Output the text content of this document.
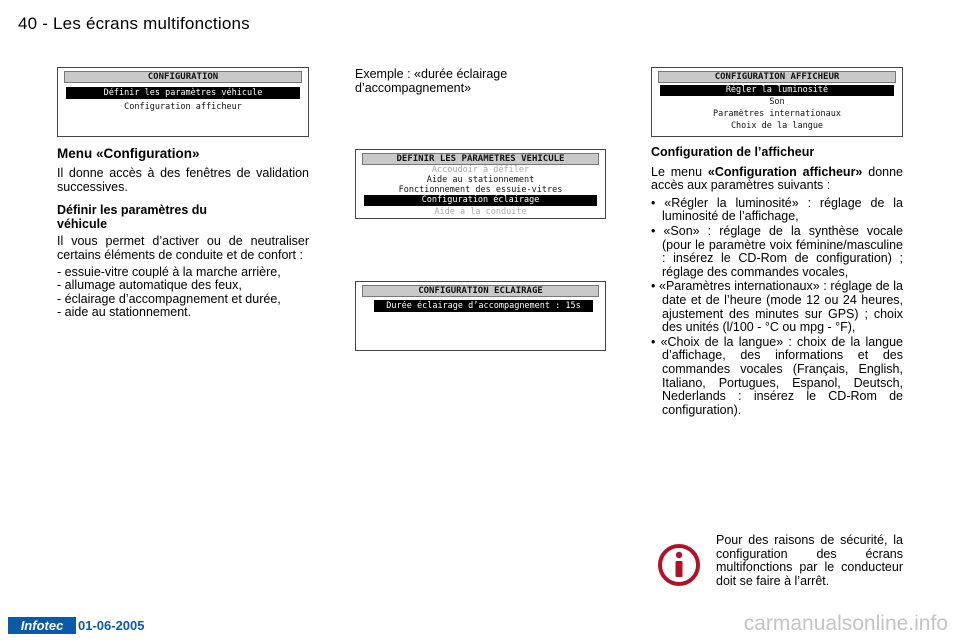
40 - Les écrans multifonctions
CONFIGURATION
Définir les paramètres véhicule
Configuration afficheur
Menu «Configuration»

Il donne accès à des fenêtres de validation successives.

Définir les paramètres du véhicule

Il vous permet d’activer ou de neutraliser certains éléments de conduite et de confort :

- essuie-vitre couplé à la marche arrière,
- allumage automatique des feux,
- éclairage d’accompagnement et durée,
- aide au stationnement.
Exemple : «durée éclairage d’accompagnement»
DEFINIR LES PARAMETRES VEHICULE
Accoudoir à défiler
Aide au stationnement
Fonctionnement des essuie-vitres
Configuration éclairage
Aide à la conduite
CONFIGURATION ECLAIRAGE
Durée éclairage d’accompagnement : 15s
CONFIGURATION AFFICHEUR
Régler la luminosité
Son
Paramètres internationaux
Choix de la langue

Configuration de l’afficheur

Le menu «Configuration afficheur» donne accès aux paramètres suivants :

• «Régler la luminosité» : réglage de la luminosité de l’affichage,
• «Son» : réglage de la synthèse vocale (pour le paramètre voix féminine/masculine : insérez le CD-Rom de configuration) ; réglage des commandes vocales,
• «Paramètres internationaux» : réglage de la date et de l’heure (mode 12 ou 24 heures, ajustement des minutes sur GPS) ; choix des unités (l/100 - °C ou mpg - °F),
• «Choix de la langue» : choix de la langue d’affichage, des informations et des commandes vocales (Français, English, Italiano, Portugues, Espanol, Deutsch, Nederlands : insérez le CD-Rom de configuration).

Pour des raisons de sécurité, la configuration des écrans multifonctions par le conducteur doit se faire à l’arrêt.

Infotec	01-06-2005	carmanualsonline.info
